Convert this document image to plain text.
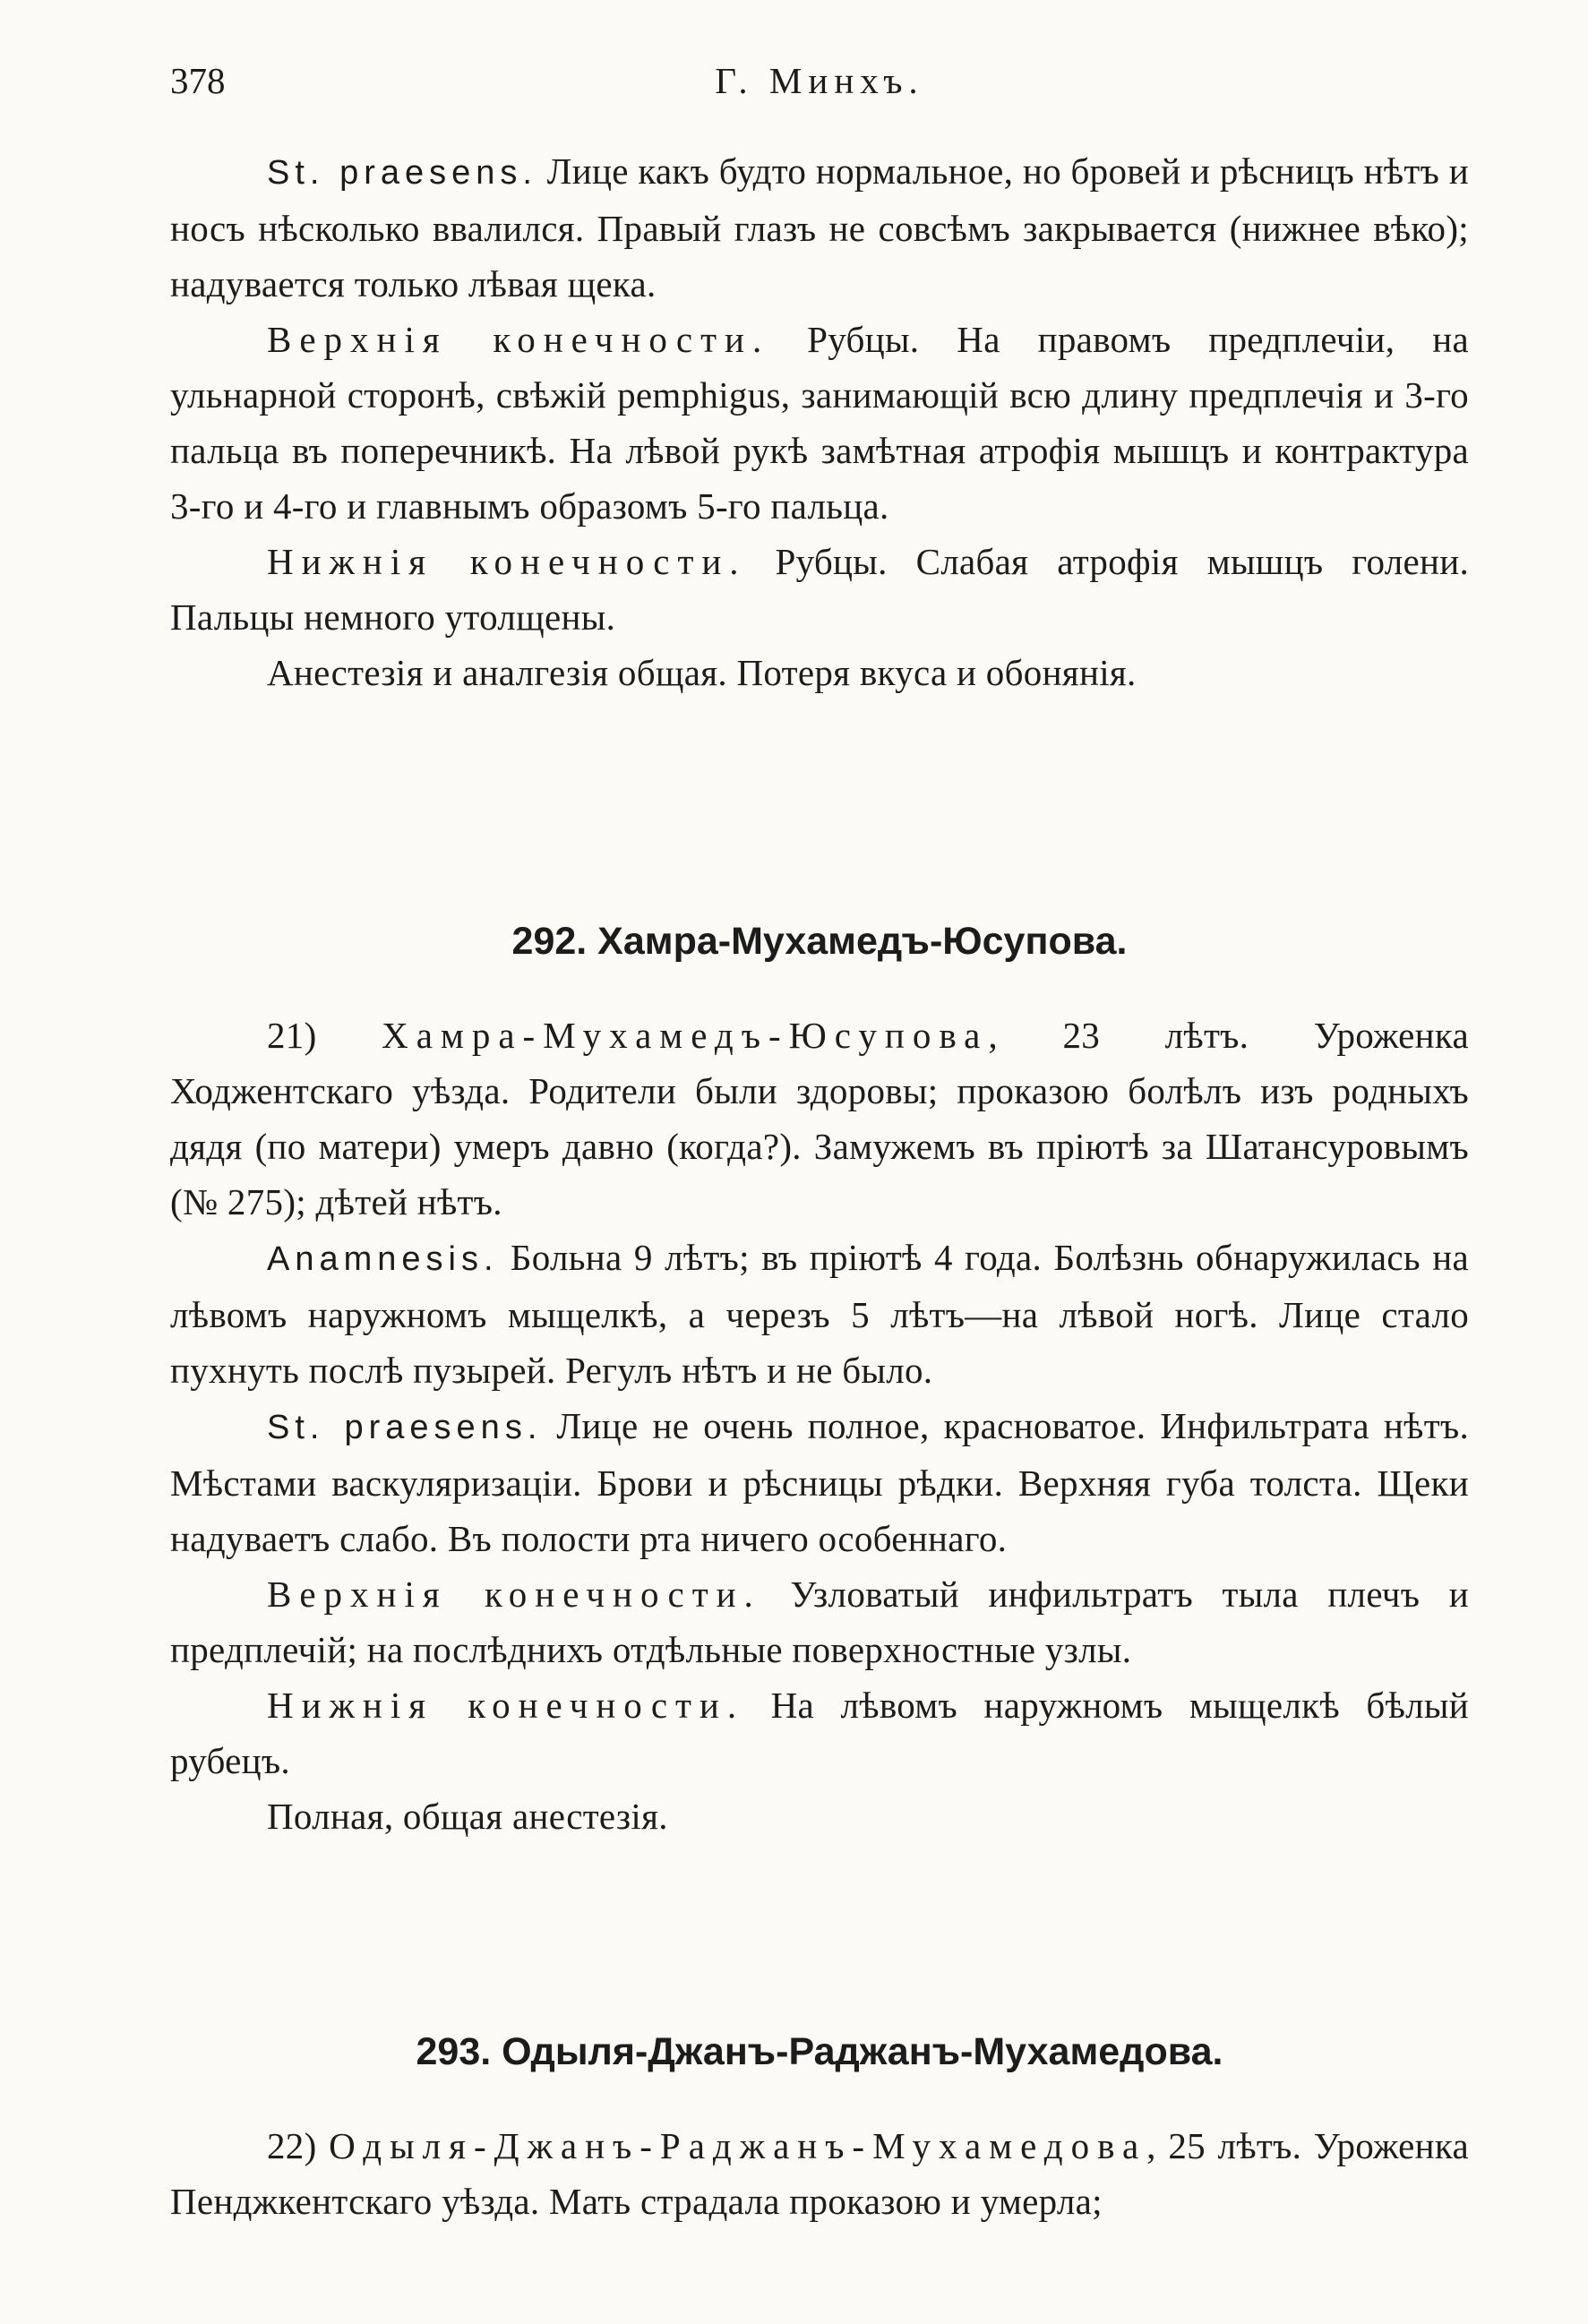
378	Г. Минхъ.

St. praesens. Лице какъ будто нормальное, но бровей и рѣсницъ нѣтъ и носъ нѣсколько ввалился. Правый глазъ не совсѣмъ закрывается (нижнее вѣко); надувается только лѣвая щека.

Верхнія конечности. Рубцы. На правомъ предплечіи, на ульнарной сторонѣ, свѣжій pemphigus, занимающій всю длину предплечія и 3-го пальца въ поперечникѣ. На лѣвой рукѣ замѣтная атрофія мышцъ и контрактура 3-го и 4-го и главнымъ образомъ 5-го пальца.

Нижнія конечности. Рубцы. Слабая атрофія мышцъ голени. Пальцы немного утолщены.

Анестезія и аналгезія общая. Потеря вкуса и обонянія.

292. Хамра-Мухамедъ-Юсупова.

21) Хамра-Мухамедъ-Юсупова, 23 лѣтъ. Уроженка Ходжентскаго уѣзда. Родители были здоровы; проказою болѣлъ изъ родныхъ дядя (по матери) умеръ давно (когда?). Замужемъ въ пріютѣ за Шатансуровымъ (№ 275); дѣтей нѣтъ.

Anamnesis. Больна 9 лѣтъ; въ пріютѣ 4 года. Болѣзнь обнаружилась на лѣвомъ наружномъ мыщелкѣ, а черезъ 5 лѣтъ—на лѣвой ногѣ. Лице стало пухнуть послѣ пузырей. Регулъ нѣтъ и не было.

St. praesens. Лице не очень полное, красноватое. Инфильтрата нѣтъ. Мѣстами васкуляризаціи. Брови и рѣсницы рѣдки. Верхняя губа толста. Щеки надуваетъ слабо. Въ полости рта ничего особеннаго.

Верхнія конечности. Узловатый инфильтратъ тыла плечъ и предплечій; на послѣднихъ отдѣльные поверхностные узлы.

Нижнія конечности. На лѣвомъ наружномъ мыщелкѣ бѣлый рубецъ.

Полная, общая анестезія.

293. Одыля-Джанъ-Раджанъ-Мухамедова.

22) Одыля-Джанъ-Раджанъ-Мухамедова, 25 лѣтъ. Уроженка Пенджкентскаго уѣзда. Мать страдала проказою и умерла;
